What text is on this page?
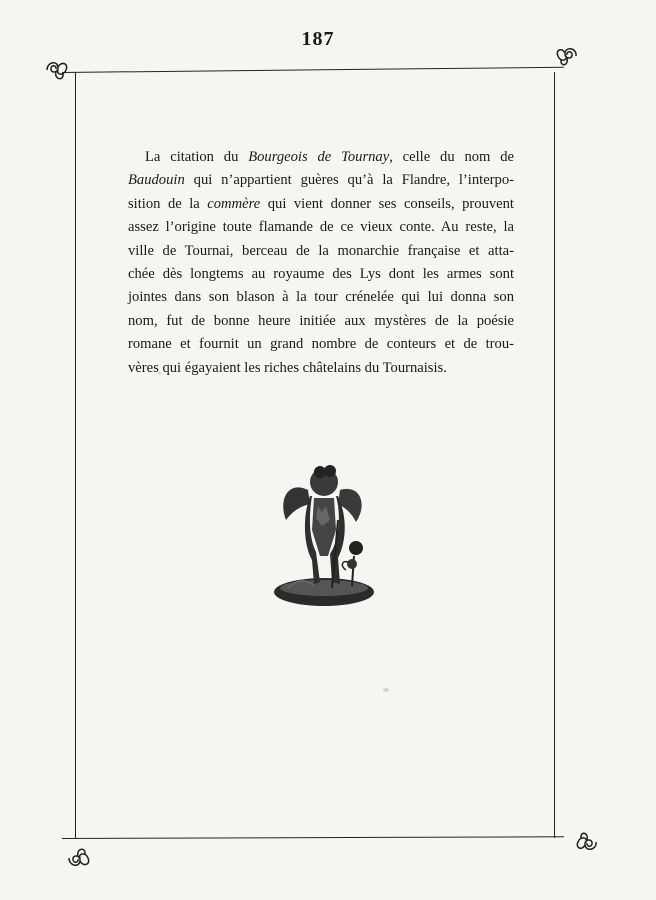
187
La citation du Bourgeois de Tournay, celle du nom de
Baudouin qui n’appartient guères qu’à la Flandre, l’interpo-
sition de la commère qui vient donner ses conseils, prouvent
assez l’origine toute flamande de ce vieux conte. Au reste, la
ville de Tournai, berceau de la monarchie française et atta-
chée dès longtems au royaume des Lys dont les armes sont
jointes dans son blason à la tour crénelée qui lui donna son
nom, fut de bonne heure initiée aux mystères de la poésie
romane et fournit un grand nombre de conteurs et de trou-
vères qui égayaient les riches châtelains du Tournaisis.
